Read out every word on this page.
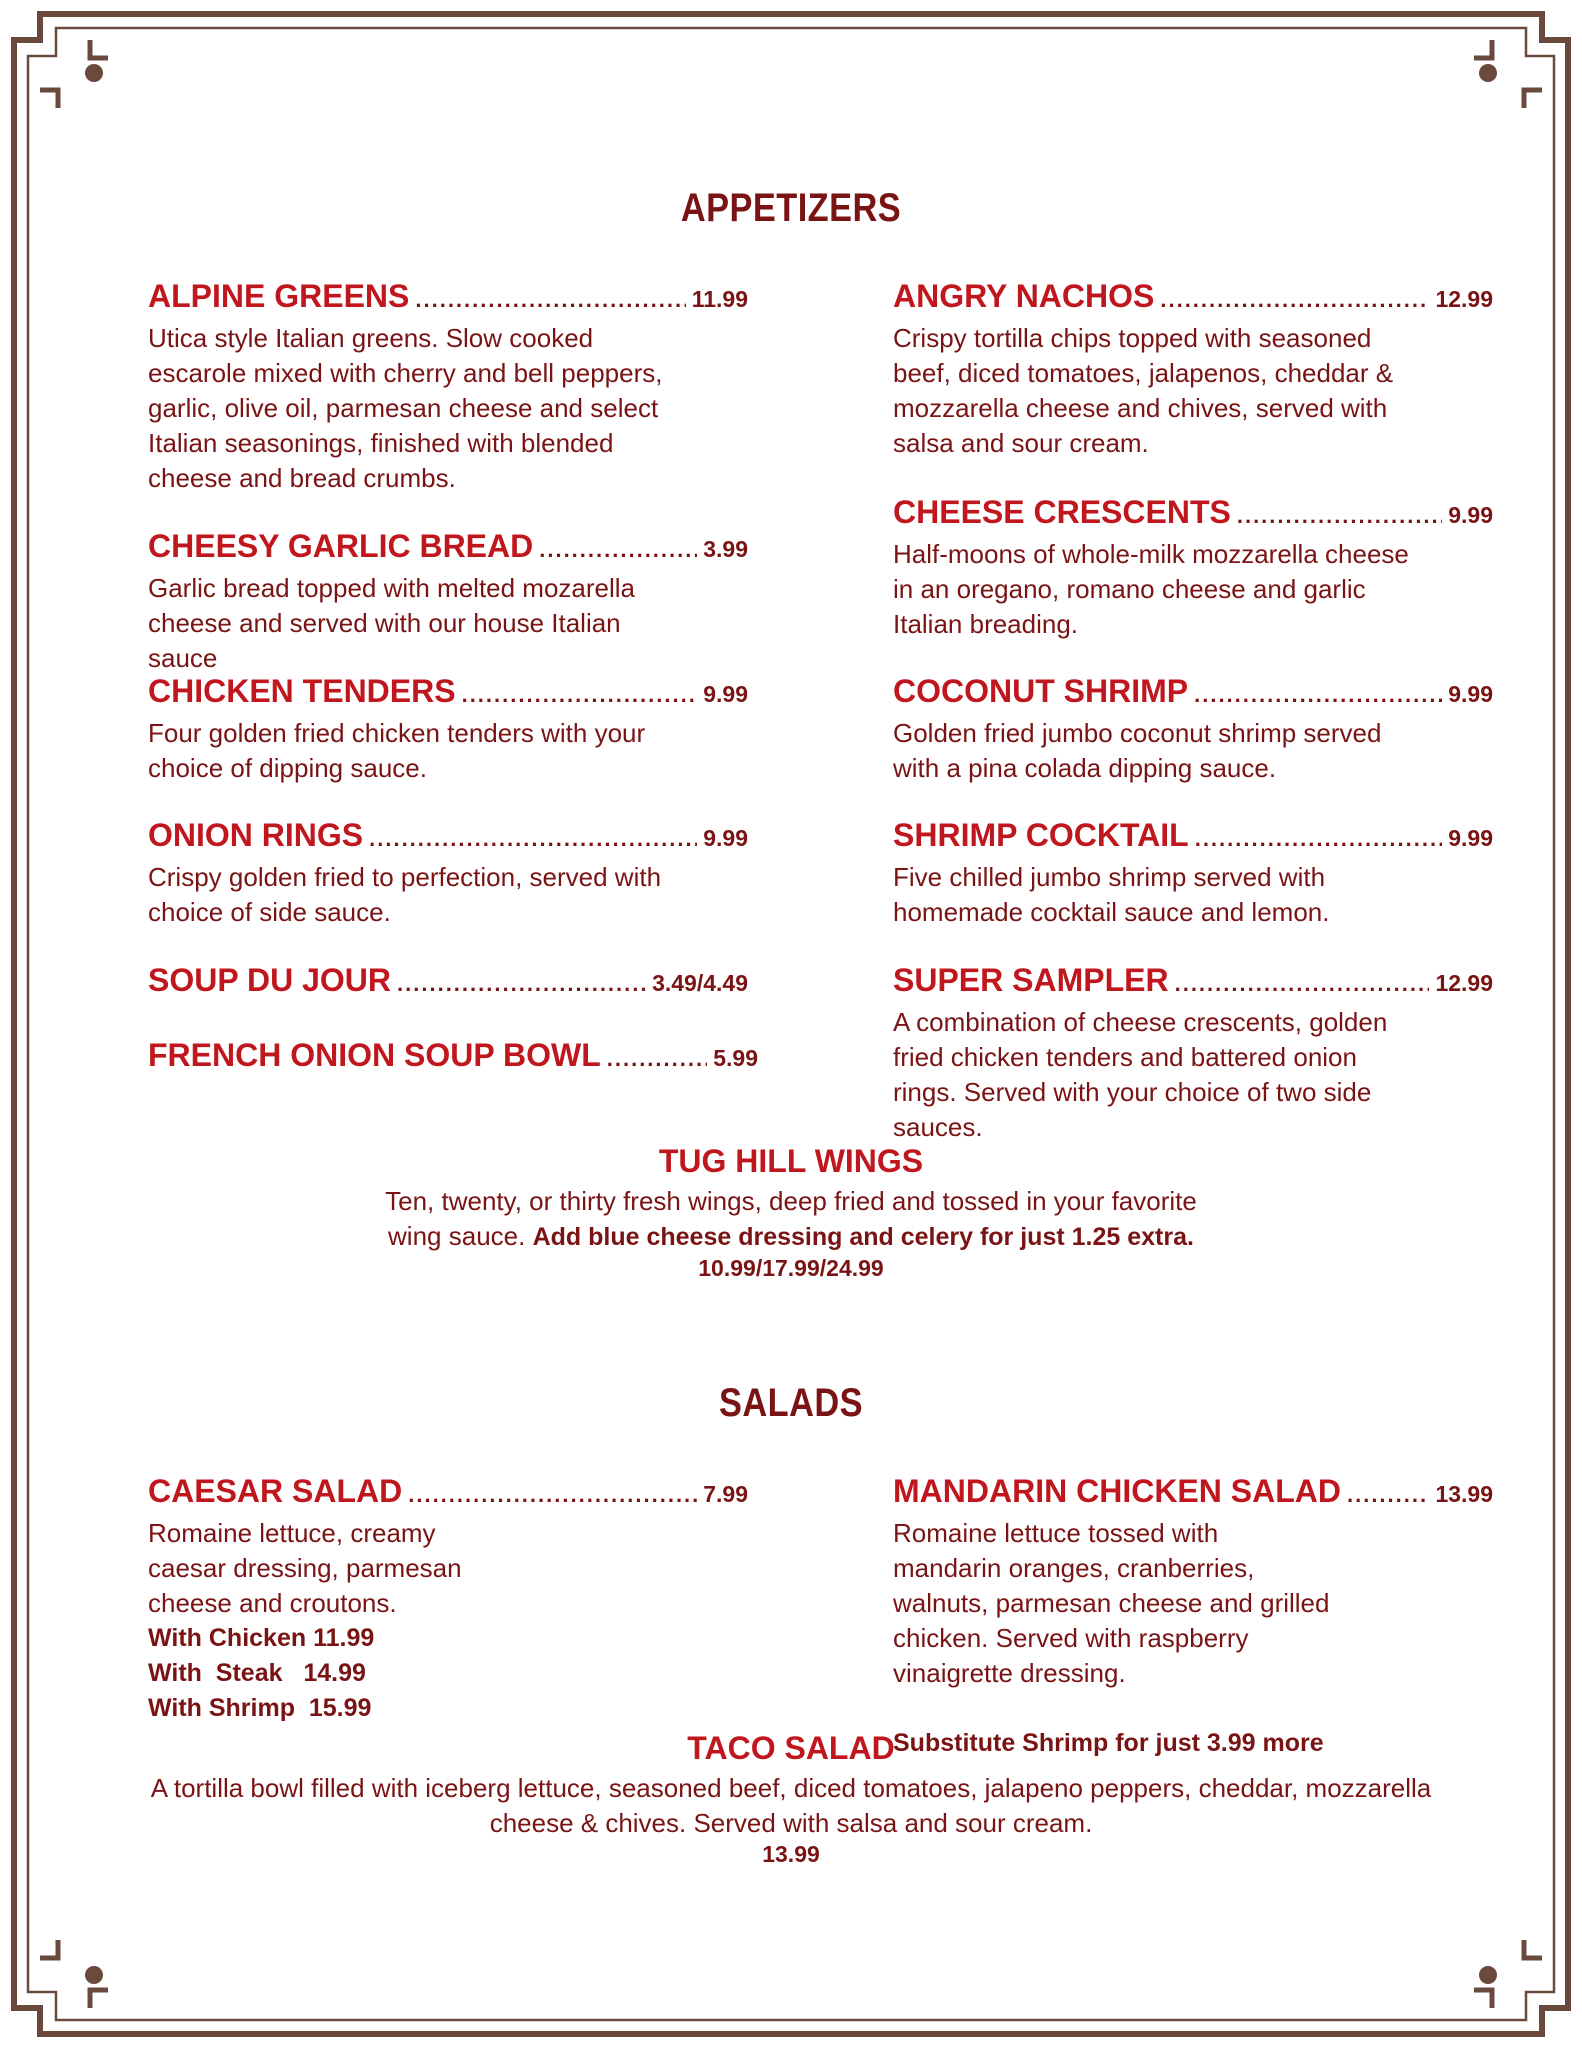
APPETIZERS
ALPINE GREENS .....	11.99
Utica style Italian greens. Slow cooked escarole mixed with cherry and bell peppers, garlic, olive oil, parmesan cheese and select Italian seasonings, finished with blended cheese and bread crumbs.
CHEESY GARLIC BREAD .....	3.99
Garlic bread topped with melted mozarella cheese and served with our house Italian sauce
CHICKEN TENDERS .....	9.99
Four golden fried chicken tenders with your choice of dipping sauce.
ONION RINGS .....	9.99
Crispy golden fried to perfection, served with choice of side sauce.
SOUP DU JOUR .....	3.49/4.49
FRENCH ONION SOUP BOWL .....	5.99
ANGRY NACHOS .....	12.99
Crispy tortilla chips topped with seasoned beef, diced tomatoes, jalapenos, cheddar & mozzarella cheese and chives, served with salsa and sour cream.
CHEESE CRESCENTS .....	9.99
Half-moons of whole-milk mozzarella cheese in an oregano, romano cheese and garlic Italian breading.
COCONUT SHRIMP .....	9.99
Golden fried jumbo coconut shrimp served with a pina colada dipping sauce.
SHRIMP COCKTAIL .....	9.99
Five chilled jumbo shrimp served with homemade cocktail sauce and lemon.
SUPER SAMPLER .....	12.99
A combination of cheese crescents, golden fried chicken tenders and battered onion rings. Served with your choice of two side sauces.
TUG HILL WINGS
Ten, twenty, or thirty fresh wings, deep fried and tossed in your favorite wing sauce. Add blue cheese dressing and celery for just 1.25 extra.
10.99/17.99/24.99
SALADS
CAESAR SALAD .....	7.99
Romaine lettuce, creamy caesar dressing, parmesan cheese and croutons.
With Chicken 11.99
With  Steak   14.99
With Shrimp  15.99
MANDARIN CHICKEN SALAD .....	13.99
Romaine lettuce tossed with mandarin oranges, cranberries, walnuts, parmesan cheese and grilled chicken. Served with raspberry vinaigrette dressing.
Substitute Shrimp for just 3.99 more
TACO SALAD
A tortilla bowl filled with iceberg lettuce, seasoned beef, diced tomatoes, jalapeno peppers, cheddar, mozzarella cheese & chives. Served with salsa and sour cream.
13.99
